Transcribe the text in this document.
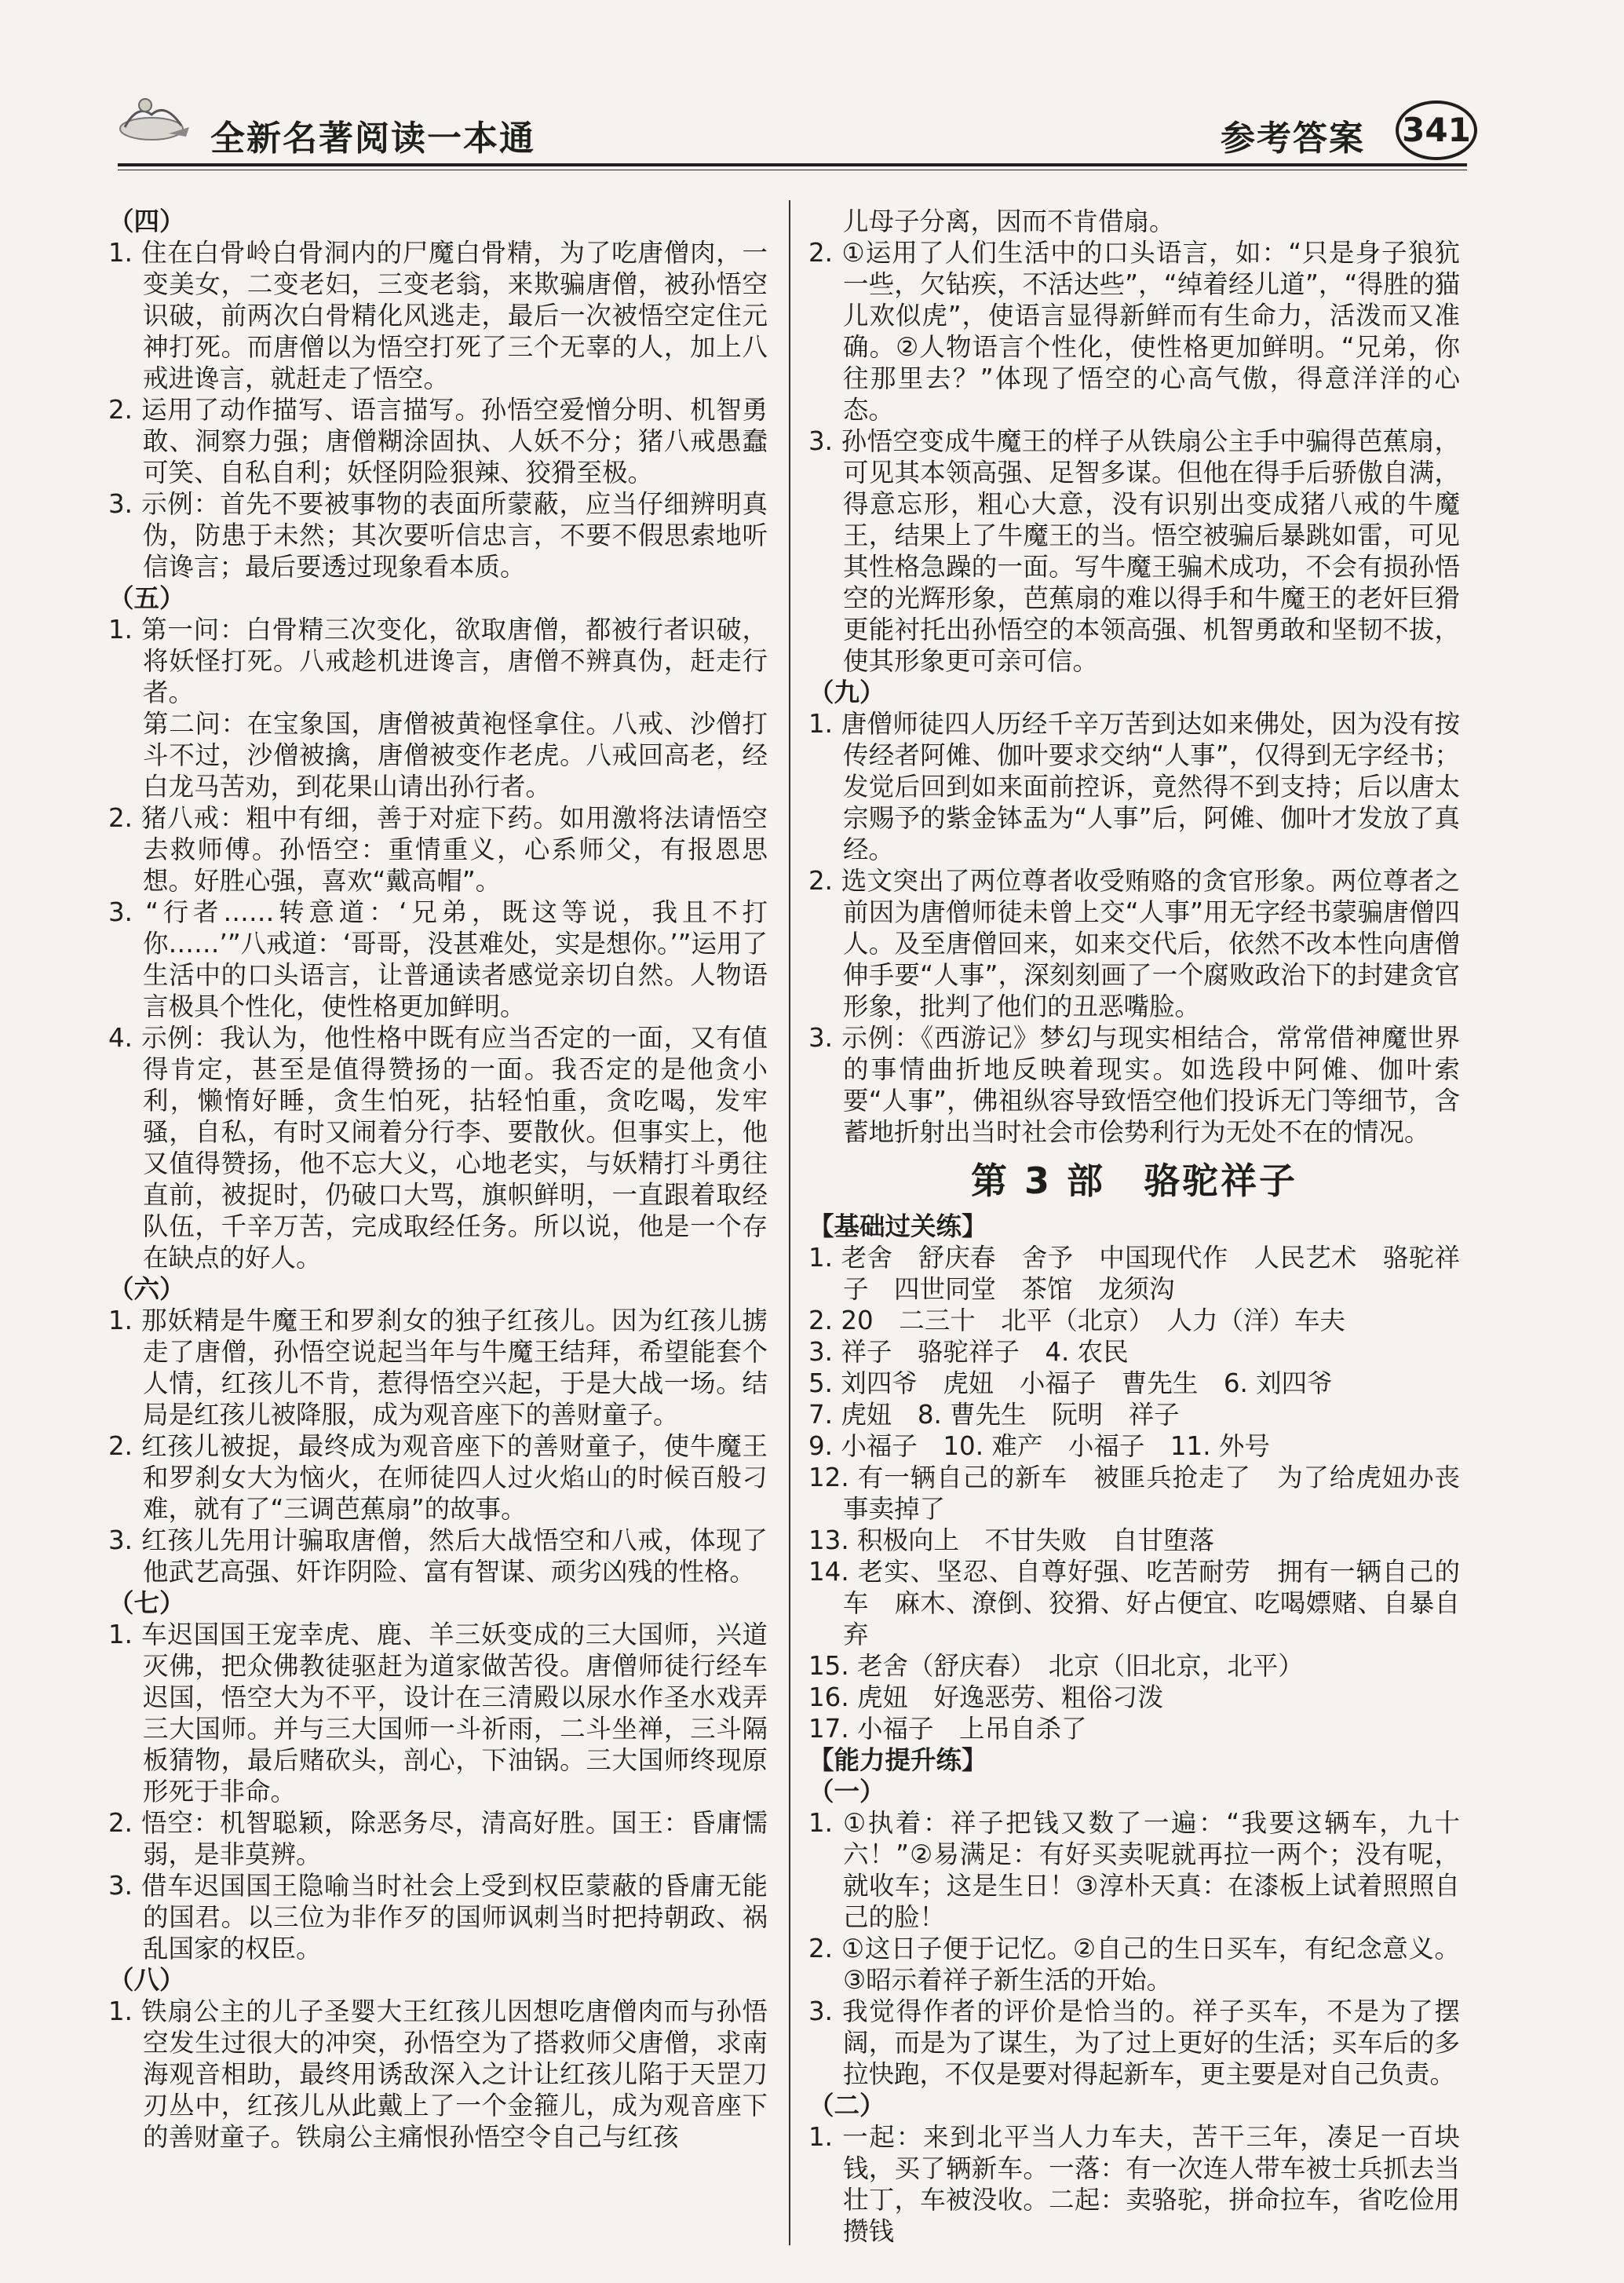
全新名著阅读一本通	参考答案 341
（四）
1. 住在白骨岭白骨洞内的尸魔白骨精，为了吃唐僧肉，一变美女，二变老妇，三变老翁，来欺骗唐僧，被孙悟空识破，前两次白骨精化风逃走，最后一次被悟空定住元神打死。而唐僧以为悟空打死了三个无辜的人，加上八戒进谗言，就赶走了悟空。
2. 运用了动作描写、语言描写。孙悟空爱憎分明、机智勇敢、洞察力强；唐僧糊涂固执、人妖不分；猪八戒愚蠢可笑、自私自利；妖怪阴险狠辣、狡猾至极。
3. 示例：首先不要被事物的表面所蒙蔽，应当仔细辨明真伪，防患于未然；其次要听信忠言，不要不假思索地听信谗言；最后要透过现象看本质。
（五）
1. 第一问：白骨精三次变化，欲取唐僧，都被行者识破，将妖怪打死。八戒趁机进谗言，唐僧不辨真伪，赶走行者。
第二问：在宝象国，唐僧被黄袍怪拿住。八戒、沙僧打斗不过，沙僧被擒，唐僧被变作老虎。八戒回高老，经白龙马苦劝，到花果山请出孙行者。
2. 猪八戒：粗中有细，善于对症下药。如用激将法请悟空去救师傅。孙悟空：重情重义，心系师父，有报恩思想。好胜心强，喜欢“戴高帽”。
3. “行者……转意道：‘兄弟，既这等说，我且不打你……’”八戒道：‘哥哥，没甚难处，实是想你。’”运用了生活中的口头语言，让普通读者感觉亲切自然。人物语言极具个性化，使性格更加鲜明。
4. 示例：我认为，他性格中既有应当否定的一面，又有值得肯定，甚至是值得赞扬的一面。我否定的是他贪小利，懒惰好睡，贪生怕死，拈轻怕重，贪吃喝，发牢骚，自私，有时又闹着分行李、要散伙。但事实上，他又值得赞扬，他不忘大义，心地老实，与妖精打斗勇往直前，被捉时，仍破口大骂，旗帜鲜明，一直跟着取经队伍，千辛万苦，完成取经任务。所以说，他是一个存在缺点的好人。
（六）
1. 那妖精是牛魔王和罗刹女的独子红孩儿。因为红孩儿掳走了唐僧，孙悟空说起当年与牛魔王结拜，希望能套个人情，红孩儿不肯，惹得悟空兴起，于是大战一场。结局是红孩儿被降服，成为观音座下的善财童子。
2. 红孩儿被捉，最终成为观音座下的善财童子，使牛魔王和罗刹女大为恼火，在师徒四人过火焰山的时候百般刁难，就有了“三调芭蕉扇”的故事。
3. 红孩儿先用计骗取唐僧，然后大战悟空和八戒，体现了他武艺高强、奸诈阴险、富有智谋、顽劣凶残的性格。
（七）
1. 车迟国国王宠幸虎、鹿、羊三妖变成的三大国师，兴道灭佛，把众佛教徒驱赶为道家做苦役。唐僧师徒行经车迟国，悟空大为不平，设计在三清殿以尿水作圣水戏弄三大国师。并与三大国师一斗祈雨，二斗坐禅，三斗隔板猜物，最后赌砍头，剖心，下油锅。三大国师终现原形死于非命。
2. 悟空：机智聪颖，除恶务尽，清高好胜。国王：昏庸懦弱，是非莫辨。
3. 借车迟国国王隐喻当时社会上受到权臣蒙蔽的昏庸无能的国君。以三位为非作歹的国师讽刺当时把持朝政、祸乱国家的权臣。
（八）
1. 铁扇公主的儿子圣婴大王红孩儿因想吃唐僧肉而与孙悟空发生过很大的冲突，孙悟空为了搭救师父唐僧，求南海观音相助，最终用诱敌深入之计让红孩儿陷于天罡刀刃丛中，红孩儿从此戴上了一个金箍儿，成为观音座下的善财童子。铁扇公主痛恨孙悟空令自己与红孩
儿母子分离，因而不肯借扇。
2. ①运用了人们生活中的口头语言，如：“只是身子狼犺一些，欠钻疾，不活达些”，“绰着经儿道”，“得胜的猫儿欢似虎”，使语言显得新鲜而有生命力，活泼而又准确。②人物语言个性化，使性格更加鲜明。“兄弟，你往那里去？”体现了悟空的心高气傲，得意洋洋的心态。
3. 孙悟空变成牛魔王的样子从铁扇公主手中骗得芭蕉扇，可见其本领高强、足智多谋。但他在得手后骄傲自满，得意忘形，粗心大意，没有识别出变成猪八戒的牛魔王，结果上了牛魔王的当。悟空被骗后暴跳如雷，可见其性格急躁的一面。写牛魔王骗术成功，不会有损孙悟空的光辉形象，芭蕉扇的难以得手和牛魔王的老奸巨猾更能衬托出孙悟空的本领高强、机智勇敢和坚韧不拔，使其形象更可亲可信。
（九）
1. 唐僧师徒四人历经千辛万苦到达如来佛处，因为没有按传经者阿傩、伽叶要求交纳“人事”，仅得到无字经书；发觉后回到如来面前控诉，竟然得不到支持；后以唐太宗赐予的紫金钵盂为“人事”后，阿傩、伽叶才发放了真经。
2. 选文突出了两位尊者收受贿赂的贪官形象。两位尊者之前因为唐僧师徒未曾上交“人事”用无字经书蒙骗唐僧四人。及至唐僧回来，如来交代后，依然不改本性向唐僧伸手要“人事”，深刻刻画了一个腐败政治下的封建贪官形象，批判了他们的丑恶嘴脸。
3. 示例：《西游记》梦幻与现实相结合，常常借神魔世界的事情曲折地反映着现实。如选段中阿傩、伽叶索要“人事”，佛祖纵容导致悟空他们投诉无门等细节，含蓄地折射出当时社会市侩势利行为无处不在的情况。
第 3 部　骆驼祥子
【基础过关练】
1. 老舍　舒庆春　舍予　中国现代作　人民艺术　骆驼祥子　四世同堂　茶馆　龙须沟
2. 20　二三十　北平（北京）　人力（洋）车夫
3. 祥子　骆驼祥子　4. 农民
5. 刘四爷　虎妞　小福子　曹先生　6. 刘四爷
7. 虎妞　8. 曹先生　阮明　祥子
9. 小福子　10. 难产　小福子　11. 外号
12. 有一辆自己的新车　被匪兵抢走了　为了给虎妞办丧事卖掉了
13. 积极向上　不甘失败　自甘堕落
14. 老实、坚忍、自尊好强、吃苦耐劳　拥有一辆自己的车　麻木、潦倒、狡猾、好占便宜、吃喝嫖赌、自暴自弃
15. 老舍（舒庆春）　北京（旧北京，北平）
16. 虎妞　好逸恶劳、粗俗刁泼
17. 小福子　上吊自杀了
【能力提升练】
（一）
1. ①执着：祥子把钱又数了一遍：“我要这辆车，九十六！”②易满足：有好买卖呢就再拉一两个；没有呢，就收车；这是生日！③淳朴天真：在漆板上试着照照自己的脸！
2. ①这日子便于记忆。②自己的生日买车，有纪念意义。③昭示着祥子新生活的开始。
3. 我觉得作者的评价是恰当的。祥子买车，不是为了摆阔，而是为了谋生，为了过上更好的生活；买车后的多拉快跑，不仅是要对得起新车，更主要是对自己负责。
（二）
1. 一起：来到北平当人力车夫，苦干三年，凑足一百块钱，买了辆新车。一落：有一次连人带车被士兵抓去当壮丁，车被没收。二起：卖骆驼，拼命拉车，省吃俭用攒钱
